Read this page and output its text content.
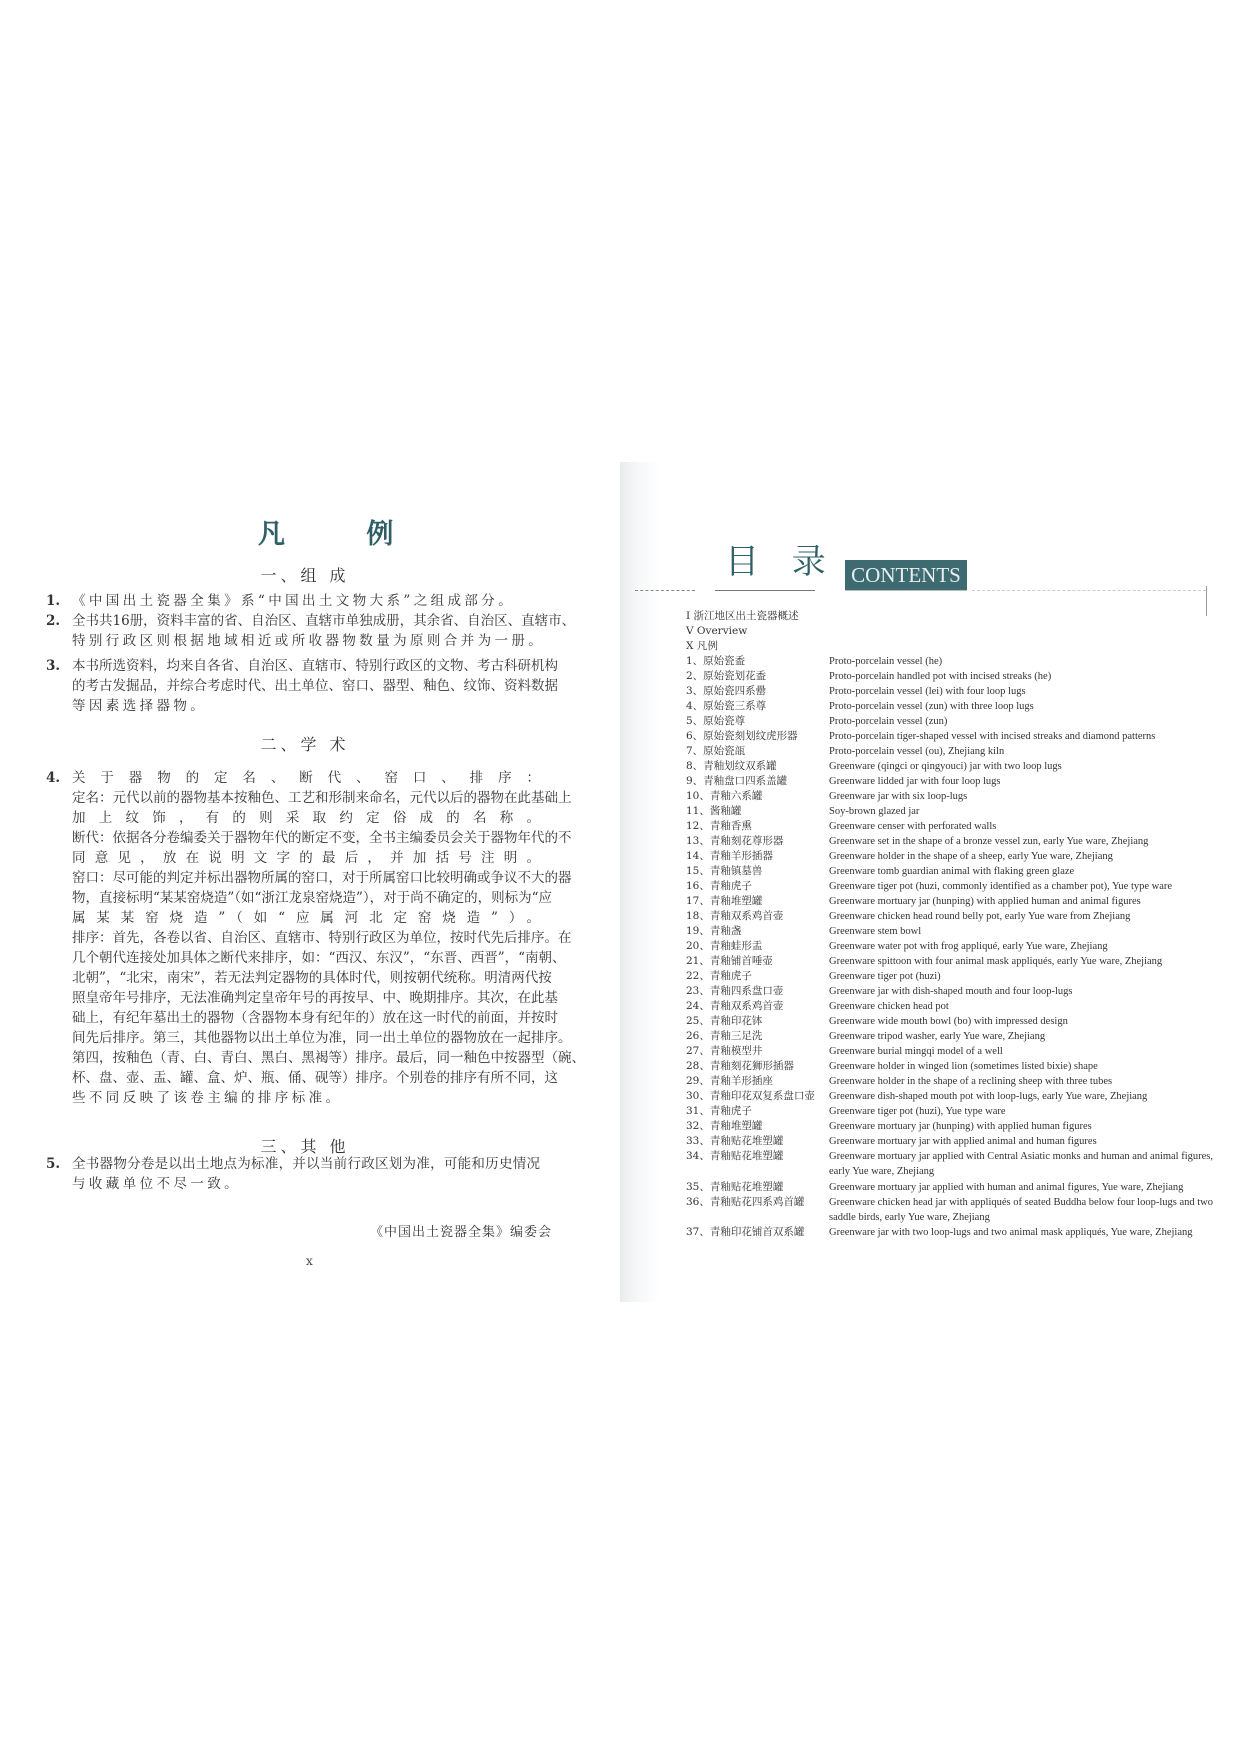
凡 例
一、组 成
二、学 术
三、其 他
《中国出土瓷器全集》编委会
x
1. 《中国出土瓷器全集》系“中国出土文物大系”之组成部分。
2. 全书共16册，资料丰富的省、自治区、直辖市单独成册，其余省、自治区、直辖市、
特别行政区则根据地域相近或所收器物数量为原则合并为一册。
3. 本书所选资料，均来自各省、自治区、直辖市、特别行政区的文物、考古科研机构
的考古发掘品，并综合考虑时代、出土单位、窑口、器型、釉色、纹饰、资料数据
等因素选择器物。
4. 关于器物的定名、断代、窑口、排序：
定名：元代以前的器物基本按釉色、工艺和形制来命名，元代以后的器物在此基础上
加上纹饰，有的则采取约定俗成的名称。
断代：依据各分卷编委关于器物年代的断定不变，全书主编委员会关于器物年代的不
同意见，放在说明文字的最后，并加括号注明。
窑口：尽可能的判定并标出器物所属的窑口，对于所属窑口比较明确或争议不大的器
物，直接标明“某某窑烧造”（如“浙江龙泉窑烧造”），对于尚不确定的，则标为“应
属某某窑烧造”（如“应属河北定窑烧造”）。
排序：首先，各卷以省、自治区、直辖市、特别行政区为单位，按时代先后排序。在
几个朝代连接处加具体之断代来排序，如：“西汉、东汉”，“东晋、西晋”，“南朝、
北朝”，“北宋，南宋”，若无法判定器物的具体时代，则按朝代统称。明清两代按
照皇帝年号排序，无法准确判定皇帝年号的再按早、中、晚期排序。其次，在此基
础上，有纪年墓出土的器物（含器物本身有纪年的）放在这一时代的前面，并按时
间先后排序。第三，其他器物以出土单位为准，同一出土单位的器物放在一起排序。
第四，按釉色（青、白、青白、黑白、黑褐等）排序。最后，同一釉色中按器型（碗、
杯、盘、壶、盂、罐、盒、炉、瓶、俑、砚等）排序。个别卷的排序有所不同，这
些不同反映了该卷主编的排序标准。
5. 全书器物分卷是以出土地点为标准，并以当前行政区划为准，可能和历史情况
与收藏单位不尽一致。
目 录 CONTENTS
I 浙江地区出土瓷器概述
V Overview
X 凡例
1、原始瓷盉	Proto-porcelain vessel (he)
2、原始瓷划花盉	Proto-porcelain handled pot with incised streaks (he)
3、原始瓷四系罍	Proto-porcelain vessel (lei) with four loop lugs
4、原始瓷三系尊	Proto-porcelain vessel (zun) with three loop lugs
5、原始瓷尊	Proto-porcelain vessel (zun)
6、原始瓷刻划纹虎形器	Proto-porcelain tiger-shaped vessel with incised streaks and diamond patterns
7、原始瓷瓿	Proto-porcelain vessel (ou), Zhejiang kiln
8、青釉划纹双系罐	Greenware (qingci or qingyouci) jar with two loop lugs
9、青釉盘口四系盖罐	Greenware lidded jar with four loop lugs
10、青釉六系罐	Greenware jar with six loop-lugs
11、酱釉罐	Soy-brown glazed jar
12、青釉香熏	Greenware censer with perforated walls
13、青釉刻花尊形器	Greenware set in the shape of a bronze vessel zun, early Yue ware, Zhejiang
14、青釉羊形插器	Greenware holder in the shape of a sheep, early Yue ware, Zhejiang
15、青釉镇墓兽	Greenware tomb guardian animal with flaking green glaze
16、青釉虎子	Greenware tiger pot (huzi, commonly identified as a chamber pot), Yue type ware
17、青釉堆塑罐	Greenware mortuary jar (hunping) with applied human and animal figures
18、青釉双系鸡首壶	Greenware chicken head round belly pot, early Yue ware from Zhejiang
19、青釉盏	Greenware stem bowl
20、青釉蛙形盂	Greenware water pot with frog appliqué, early Yue ware, Zhejiang
21、青釉铺首唾壶	Greenware spittoon with four animal mask appliqués, early Yue ware, Zhejiang
22、青釉虎子	Greenware tiger pot (huzi)
23、青釉四系盘口壶	Greenware jar with dish-shaped mouth and four loop-lugs
24、青釉双系鸡首壶	Greenware chicken head pot
25、青釉印花钵	Greenware wide mouth bowl (bo) with impressed design
26、青釉三足洗	Greenware tripod washer, early Yue ware, Zhejiang
27、青釉模型井	Greenware burial mingqi model of a well
28、青釉刻花狮形插器	Greenware holder in winged lion (sometimes listed bixie) shape
29、青釉羊形插座	Greenware holder in the shape of a reclining sheep with three tubes
30、青釉印花双复系盘口壶 Greenware dish-shaped mouth pot with loop-lugs, early Yue ware, Zhejiang
31、青釉虎子	Greenware tiger pot (huzi), Yue type ware
32、青釉堆塑罐	Greenware mortuary jar (hunping) with applied human figures
33、青釉贴花堆塑罐	Greenware mortuary jar with applied animal and human figures
34、青釉贴花堆塑罐	Greenware mortuary jar applied with Central Asiatic monks and human and animal figures,
early Yue ware, Zhejiang
35、青釉贴花堆塑罐	Greenware mortuary jar applied with human and animal figures, Yue ware, Zhejiang
36、青釉贴花四系鸡首罐 Greenware chicken head jar with appliqués of seated Buddha below four loop-lugs and two
saddle birds, early Yue ware, Zhejiang
37、青釉印花铺首双系罐 Greenware jar with two loop-lugs and two animal mask appliqués, Yue ware, Zhejiang
